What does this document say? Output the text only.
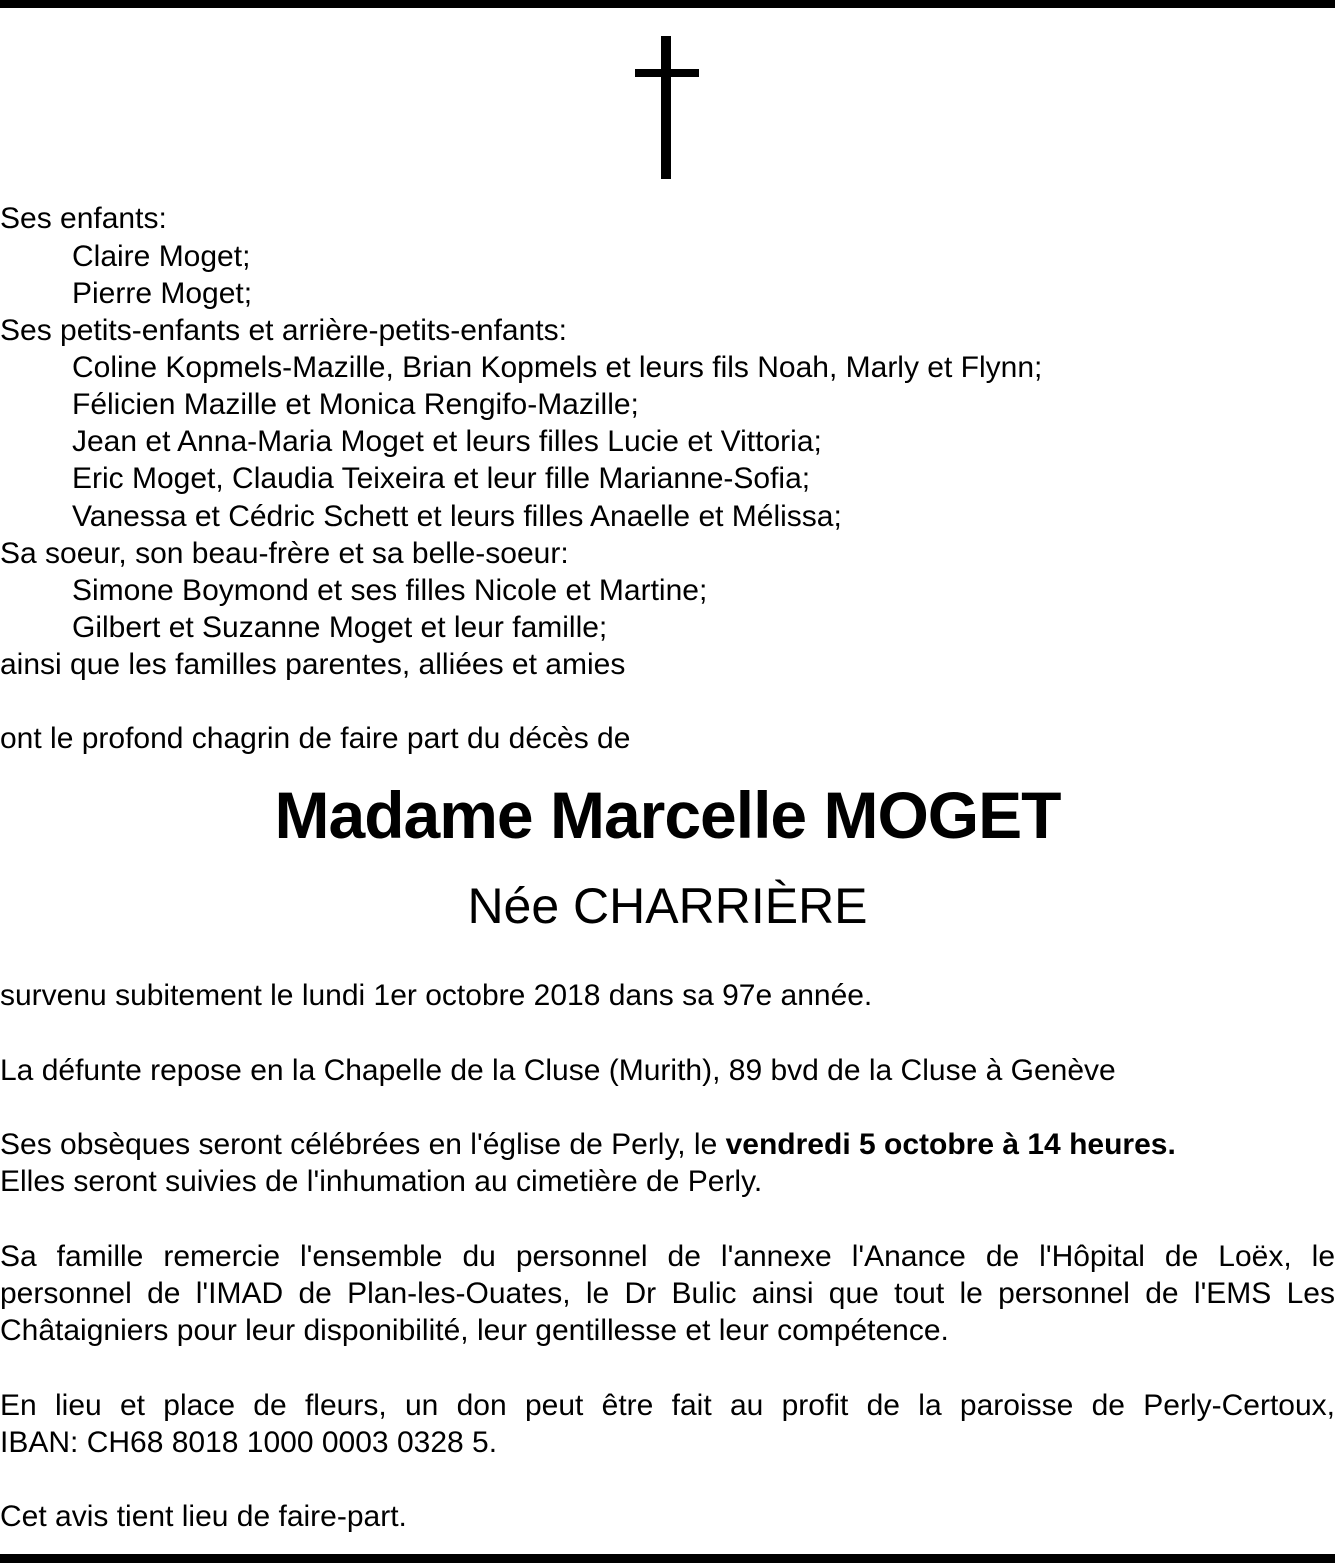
Ses enfants:
Claire Moget;
Pierre Moget;
Ses petits-enfants et arrière-petits-enfants:
Coline Kopmels-Mazille, Brian Kopmels et leurs fils Noah, Marly et Flynn;
Félicien Mazille et Monica Rengifo-Mazille;
Jean et Anna-Maria Moget et leurs filles Lucie et Vittoria;
Eric Moget, Claudia Teixeira et leur fille Marianne-Sofia;
Vanessa et Cédric Schett et leurs filles Anaelle et Mélissa;
Sa soeur, son beau-frère et sa belle-soeur:
Simone Boymond et ses filles Nicole et Martine;
Gilbert et Suzanne Moget et leur famille;
ainsi que les familles parentes, alliées et amies
ont le profond chagrin de faire part du décès de
Madame Marcelle MOGET
Née CHARRIÈRE
survenu subitement le lundi 1er octobre 2018 dans sa 97e année.
La défunte repose en la Chapelle de la Cluse (Murith), 89 bvd de la Cluse à Genève
Ses obsèques seront célébrées en l'église de Perly, le vendredi 5 octobre à 14 heures.
Elles seront suivies de l'inhumation au cimetière de Perly.
Sa famille remercie l'ensemble du personnel de l'annexe l'Anance de l'Hôpital de Loëx, le
personnel de l'IMAD de Plan-les-Ouates, le Dr Bulic ainsi que tout le personnel de l'EMS Les
Châtaigniers pour leur disponibilité, leur gentillesse et leur compétence.
En lieu et place de fleurs, un don peut être fait au profit de la paroisse de Perly-Certoux,
IBAN: CH68 8018 1000 0003 0328 5.
Cet avis tient lieu de faire-part.
